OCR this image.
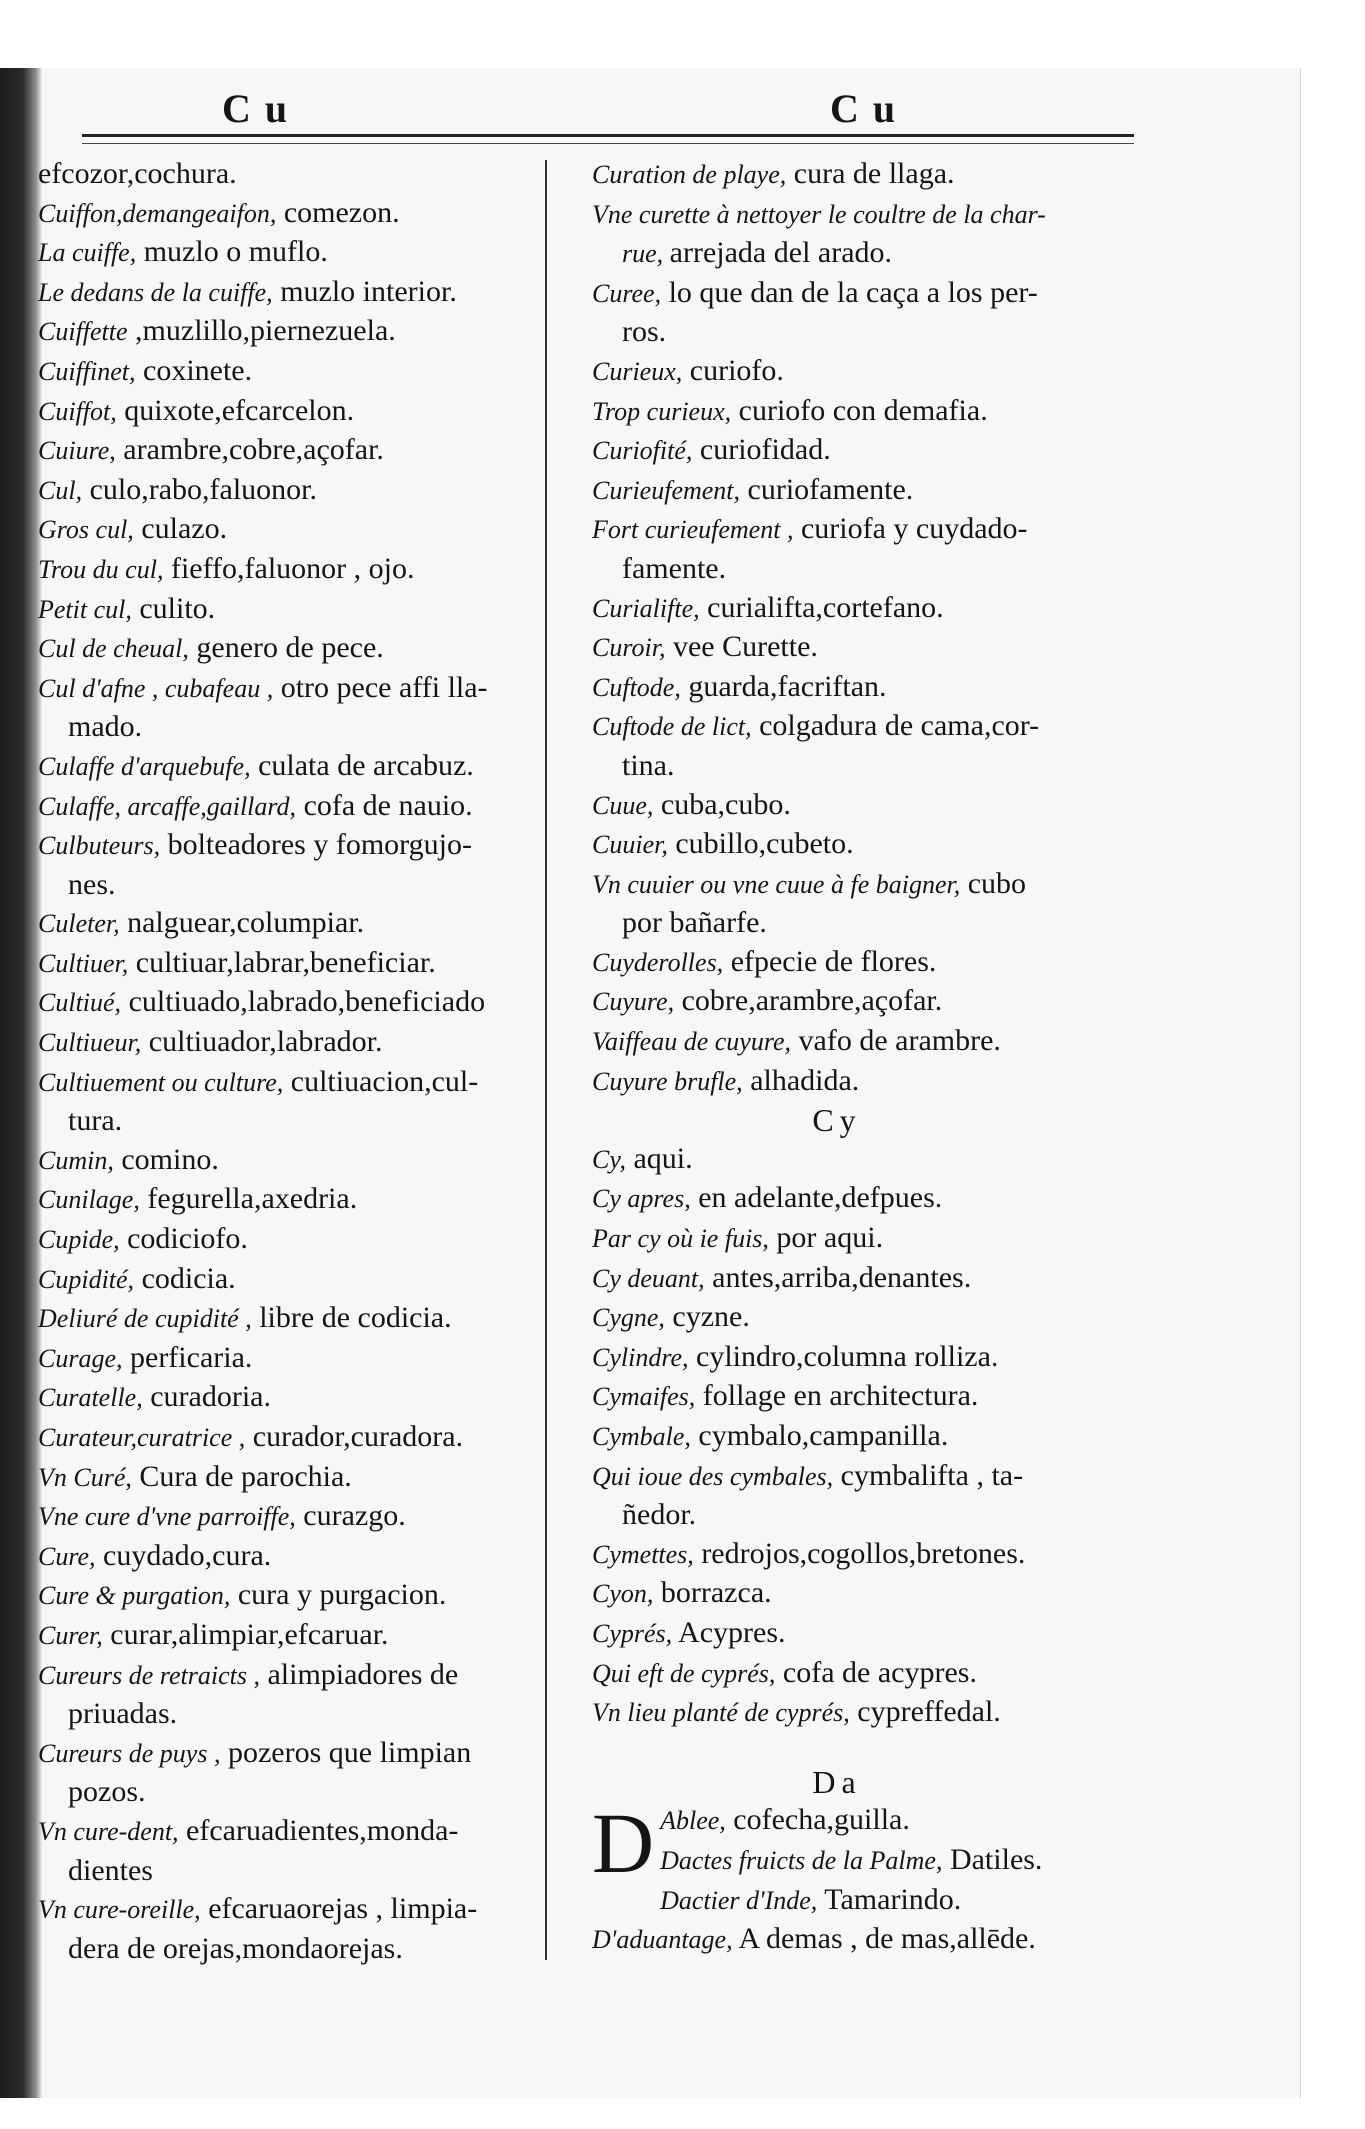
Cu	Cu
efcozor,cochura.
Cuiffon,demangeaifon, comezon.
La cuiffe, muzlo o muflo.
Le dedans de la cuiffe, muzlo interior.
Cuiffette ,muzlillo,piernezuela.
Cuiffinet, coxinete.
Cuiffot, quixote,efcarcelon.
Cuiure, arambre,cobre,açofar.
Cul, culo,rabo,faluonor.
Gros cul, culazo.
Trou du cul, fieffo,faluonor , ojo.
Petit cul, culito.
Cul de cheual, genero de pece.
Cul d'afne , cubafeau , otro pece affi lla-
mado.
Culaffe d'arquebufe, culata de arcabuz.
Culaffe, arcaffe,gaillard, cofa de nauio.
Culbuteurs, bolteadores y fomorgujo-
nes.
Culeter, nalguear,columpiar.
Cultiuer, cultiuar,labrar,beneficiar.
Cultiué, cultiuado,labrado,beneficiado
Cultiueur, cultiuador,labrador.
Cultiuement ou culture, cultiuacion,cul-
tura.
Cumin, comino.
Cunilage, fegurella,axedria.
Cupide, codiciofo.
Cupidité, codicia.
Deliuré de cupidité , libre de codicia.
Curage, perficaria.
Curatelle, curadoria.
Curateur,curatrice , curador,curadora.
Vn Curé, Cura de parochia.
Vne cure d'vne parroiffe, curazgo.
Cure, cuydado,cura.
Cure & purgation, cura y purgacion.
Curer, curar,alimpiar,efcaruar.
Cureurs de retraicts , alimpiadores de
priuadas.
Cureurs de puys , pozeros que limpian
pozos.
Vn cure-dent, efcaruadientes,monda-
dientes
Vn cure-oreille, efcaruaorejas , limpia-
dera de orejas,mondaorejas.
Curation de playe, cura de llaga.
Vne curette à nettoyer le coultre de la char-
rue, arrejada del arado.
Curee, lo que dan de la caça a los per-
ros.
Curieux, curiofo.
Trop curieux, curiofo con demafia.
Curiofité, curiofidad.
Curieufement, curiofamente.
Fort curieufement , curiofa y cuydado-
famente.
Curialifte, curialifta,cortefano.
Curoir, vee Curette.
Cuftode, guarda,facriftan.
Cuftode de lict, colgadura de cama,cor-
tina.
Cuue, cuba,cubo.
Cuuier, cubillo,cubeto.
Vn cuuier ou vne cuue à fe baigner, cubo
por bañarfe.
Cuyderolles, efpecie de flores.
Cuyure, cobre,arambre,açofar.
Vaiffeau de cuyure, vafo de arambre.
Cuyure brufle, alhadida.
Cy
Cy, aqui.
Cy apres, en adelante,defpues.
Par cy où ie fuis, por aqui.
Cy deuant, antes,arriba,denantes.
Cygne, cyzne.
Cylindre, cylindro,columna rolliza.
Cymaifes, follage en architectura.
Cymbale, cymbalo,campanilla.
Qui ioue des cymbales, cymbalifta , ta-
ñedor.
Cymettes, redrojos,cogollos,bretones.
Cyon, borrazca.
Cyprés, Acypres.
Qui eft de cyprés, cofa de acypres.
Vn lieu planté de cyprés, cypreffedal.
Da
D Ablee, cofecha,guilla.
Dactes fruicts de la Palme, Datiles.
Dactier d'Inde, Tamarindo.
D'aduantage, A demas , de mas,allēde.
